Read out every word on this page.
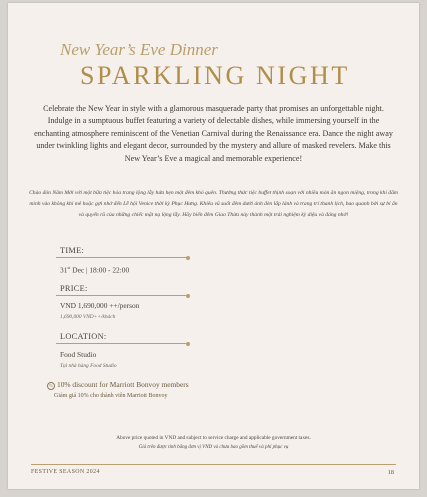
New Year’s Eve Dinner
SPARKLING NIGHT
Celebrate the New Year in style with a glamorous masquerade party that promises an unforgettable night. Indulge in a sumptuous buffet featuring a variety of delectable dishes, while immersing yourself in the enchanting atmosphere reminiscent of the Venetian Carnival during the Renaissance era. Dance the night away under twinkling lights and elegant decor, surrounded by the mystery and allure of masked revelers. Make this New Year’s Eve a magical and memorable experience!
Chào đón Năm Mới với một bữa tiệc hóa trang lộng lẫy hứa hẹn một đêm khó quên. Thưởng thức tiệc buffet thịnh soạn với nhiều món ăn ngon miệng, trong khi đắm mình vào không khí mê hoặc gợi nhớ đến Lễ hội Venice thời kỳ Phục Hưng. Khiêu vũ suốt đêm dưới ánh đèn lấp lánh và trang trí thanh lịch, bao quanh bởi sự bí ẩn và quyến rũ của những chiếc mặt nạ lộng lẫy. Hãy biến đêm Giao Thừa này thành một trải nghiệm kỳ diệu và đáng nhớ!
TIME:
31st Dec | 18:00 - 22:00
PRICE:
VND 1,690,000 ++/person
1,690,000 VND++/khách
LOCATION:
Food Studio
Tại nhà hàng Food Studio
% 10% discount for Marriott Bonvoy members
Giảm giá 10% cho thành viên Marriott Bonvoy
Above price quoted in VND and subject to service charge and applicable government taxes.
Giá trên được tính bằng đơn vị VND và chưa bao gồm thuế và phí phục vụ
FESTIVE SEASON 2024	18
